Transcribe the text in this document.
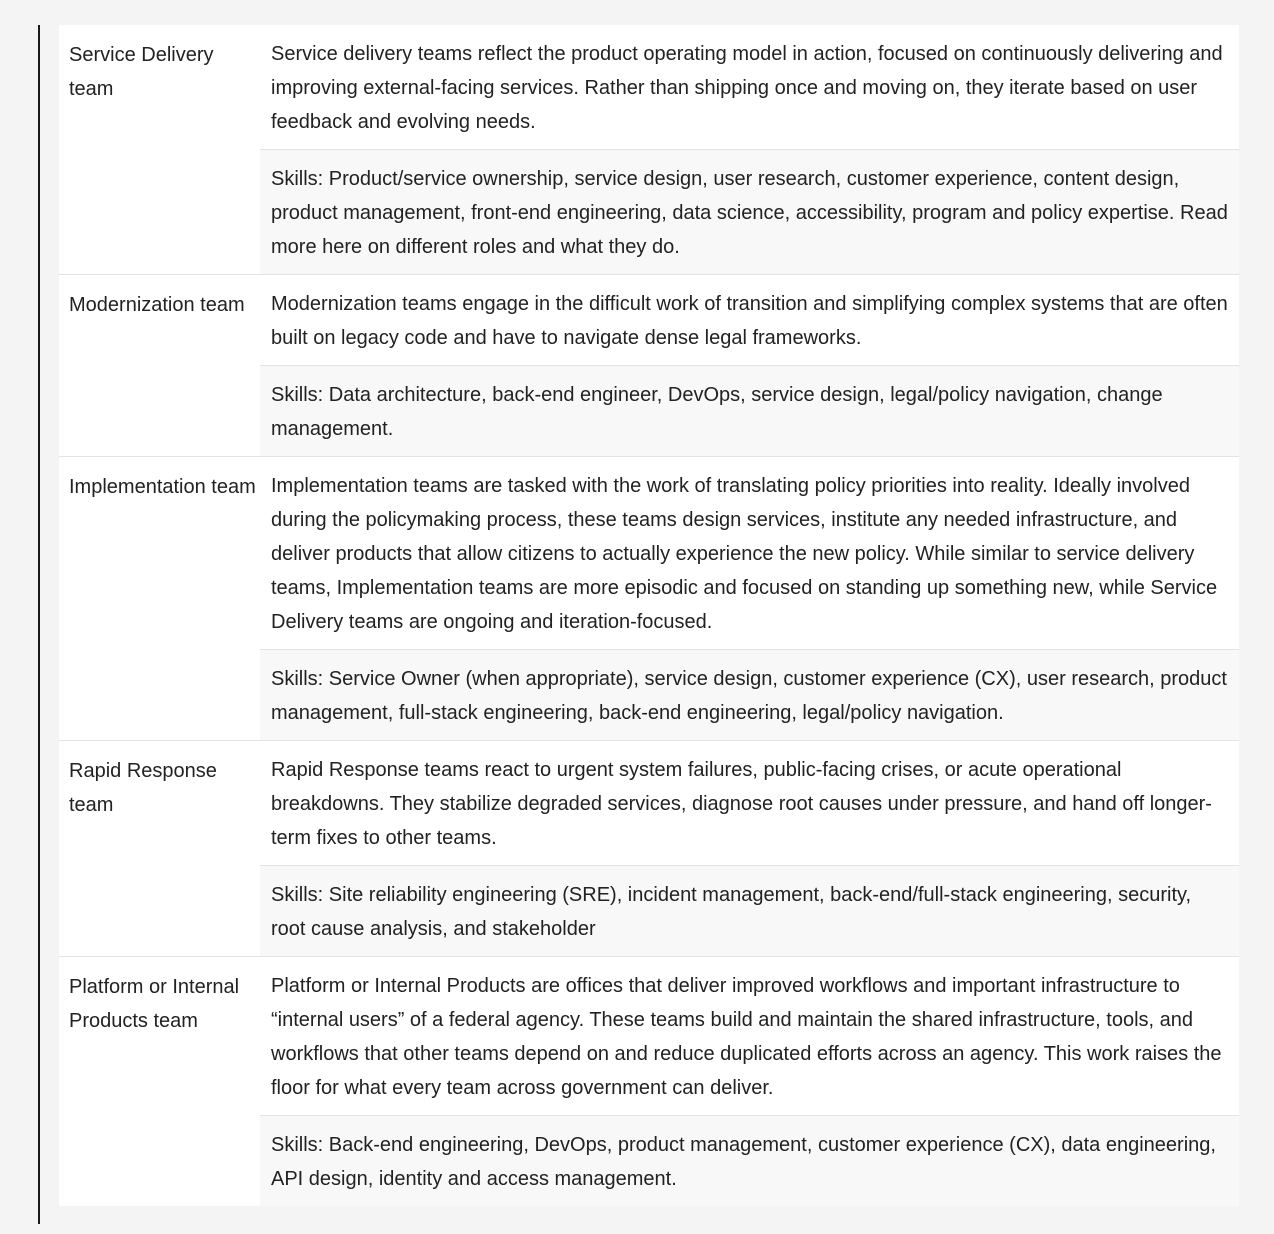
Service Delivery team
Service delivery teams reflect the product operating model in action, focused on continuously delivering and improving external-facing services. Rather than shipping once and moving on, they iterate based on user feedback and evolving needs.
Skills: Product/service ownership, service design, user research, customer experience, content design, product management, front-end engineering, data science, accessibility, program and policy expertise. Read more here on different roles and what they do.
Modernization team	Modernization teams engage in the difficult work of transition and simplifying complex systems that are often built on legacy code and have to navigate dense legal frameworks.
Skills: Data architecture, back-end engineer, DevOps, service design, legal/policy navigation, change management.
Implementation team Implementation teams are tasked with the work of translating policy priorities into reality. Ideally involved during the policymaking process, these teams design services, institute any needed infrastructure, and deliver products that allow citizens to actually experience the new policy. While similar to service delivery teams, Implementation teams are more episodic and focused on standing up something new, while Service Delivery teams are ongoing and iteration-focused.
Skills: Service Owner (when appropriate), service design, customer experience (CX), user research, product management, full-stack engineering, back-end engineering, legal/policy navigation.
Rapid Response team
Rapid Response teams react to urgent system failures, public-facing crises, or acute operational breakdowns. They stabilize degraded services, diagnose root causes under pressure, and hand off longer-term fixes to other teams.
Skills: Site reliability engineering (SRE), incident management, back-end/full-stack engineering, security, root cause analysis, and stakeholder
Platform or Internal Products team
Platform or Internal Products are offices that deliver improved workflows and important infrastructure to “internal users” of a federal agency. These teams build and maintain the shared infrastructure, tools, and workflows that other teams depend on and reduce duplicated efforts across an agency. This work raises the floor for what every team across government can deliver.
Skills: Back-end engineering, DevOps, product management, customer experience (CX), data engineering, API design, identity and access management.
